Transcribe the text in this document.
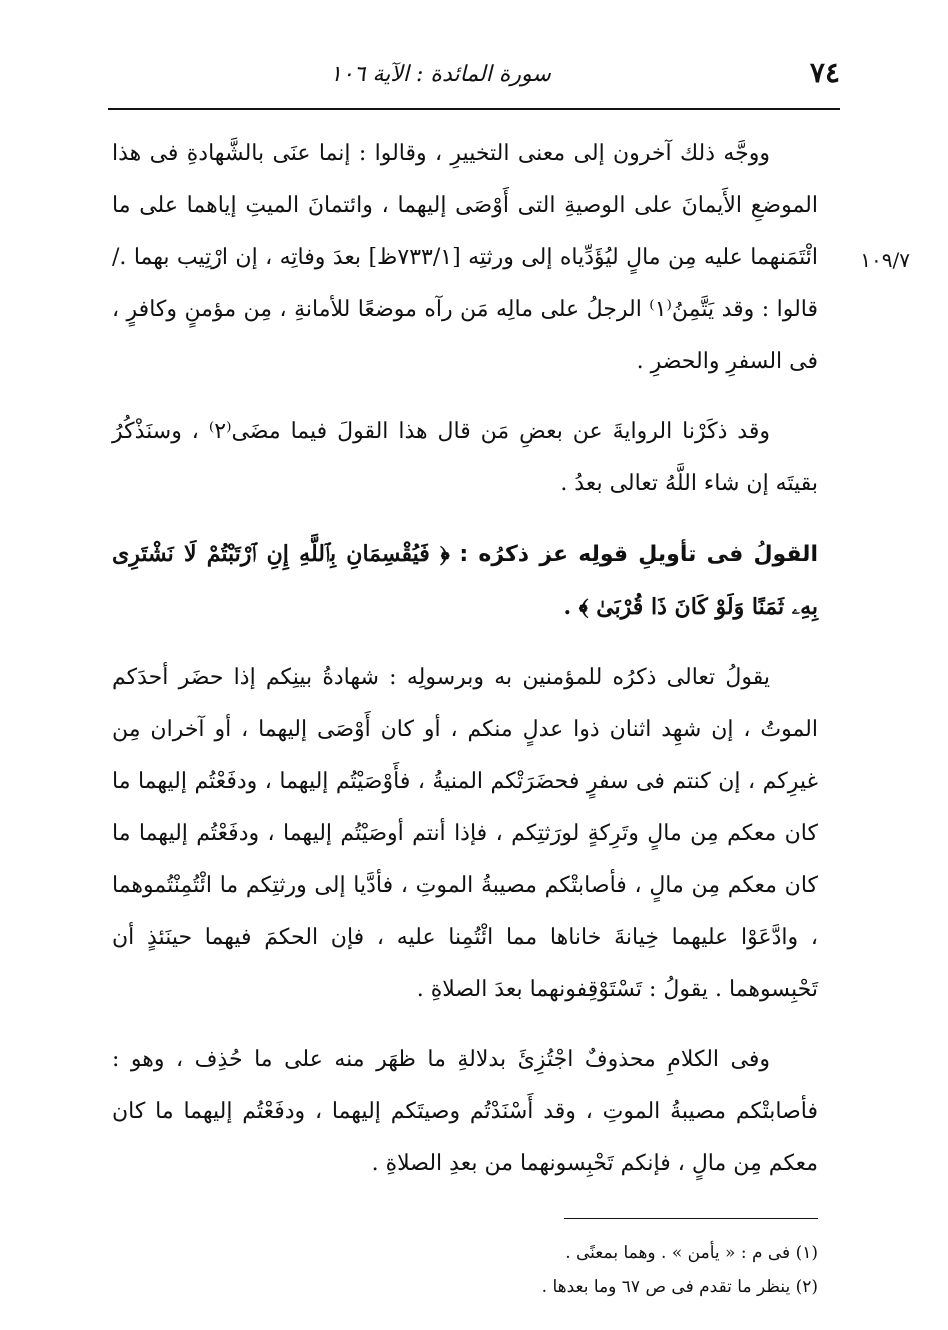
٧٤
سورة المائدة : الآية ١٠٦
١٠٩/٧

ووجَّه ذلك آخرون إلى معنى التخييرِ ، وقالوا : إنما عنَى بالشَّهادةِ فى هذا الموضعِ الأَيمانَ على الوصيةِ التى أَوْصَى إليهما ، وائتمانَ الميتِ إياهما على ما ائْتَمَنهما عليه مِن مالٍ ليُؤَدِّياه إلى ورثتِه [٧٣٣/١ظ] بعدَ وفاتِه ، إن ارْتِيب بهما ./ قالوا : وقد يَتَّمِنُ⁽١⁾ الرجلُ على مالِه مَن رآه موضعًا للأمانةِ ، مِن مؤمنٍ وكافرٍ ، فى السفرِ والحضرِ .

وقد ذكَرْنا الروايةَ عن بعضِ مَن قال هذا القولَ فيما مضَى⁽٢⁾ ، وسنَذْكُرُ بقيتَه إن شاء اللَّهُ تعالى بعدُ .

القولُ فى تأويلِ قولِه عز ذكرُه : ﴿ فَيُقْسِمَانِ بِٱللَّهِ إِنِ ٱرْتَبْتُمْ لَا نَشْتَرِى بِهِۦ ثَمَنًا وَلَوْ كَانَ ذَا قُرْبَىٰ ﴾ .

يقولُ تعالى ذكرُه للمؤمنين به وبرسولِه : شهادةُ بينِكم إذا حضَر أحدَكم الموتُ ، إن شهِد اثنان ذوا عدلٍ منكم ، أو كان أَوْصَى إليهما ، أو آخران مِن غيرِكم ، إن كنتم فى سفرٍ فحضَرَتْكم المنيةُ ، فأَوْصَيْتُم إليهما ، ودفَعْتُم إليهما ما كان معكم مِن مالٍ وتَرِكةٍ لورَثتِكم ، فإذا أنتم أوصَيْتُم إليهما ، ودفَعْتُم إليهما ما كان معكم مِن مالٍ ، فأصابتْكم مصيبةُ الموتِ ، فأدَّيا إلى ورثتِكم ما ائْتُمِنْتُموهما ، وادَّعَوْا عليهما خِيانةَ خاناها مما ائْتُمِنا عليه ، فإن الحكمَ فيهما حينَئذٍ أن تَحْبِسوهما . يقولُ : تَسْتَوْقِفونهما بعدَ الصلاةِ .

وفى الكلامِ محذوفٌ اجْتُزِئَ بدلالةِ ما ظهَر منه على ما حُذِف ، وهو : فأصابتْكم مصيبةُ الموتِ ، وقد أَسْنَدْتُم وصيتَكم إليهما ، ودفَعْتُم إليهما ما كان معكم مِن مالٍ ، فإنكم تَحْبِسونهما من بعدِ الصلاةِ .

(١) فى م : « يأمن » . وهما بمعنًى .
(٢) ينظر ما تقدم فى ص ٦٧ وما بعدها .
